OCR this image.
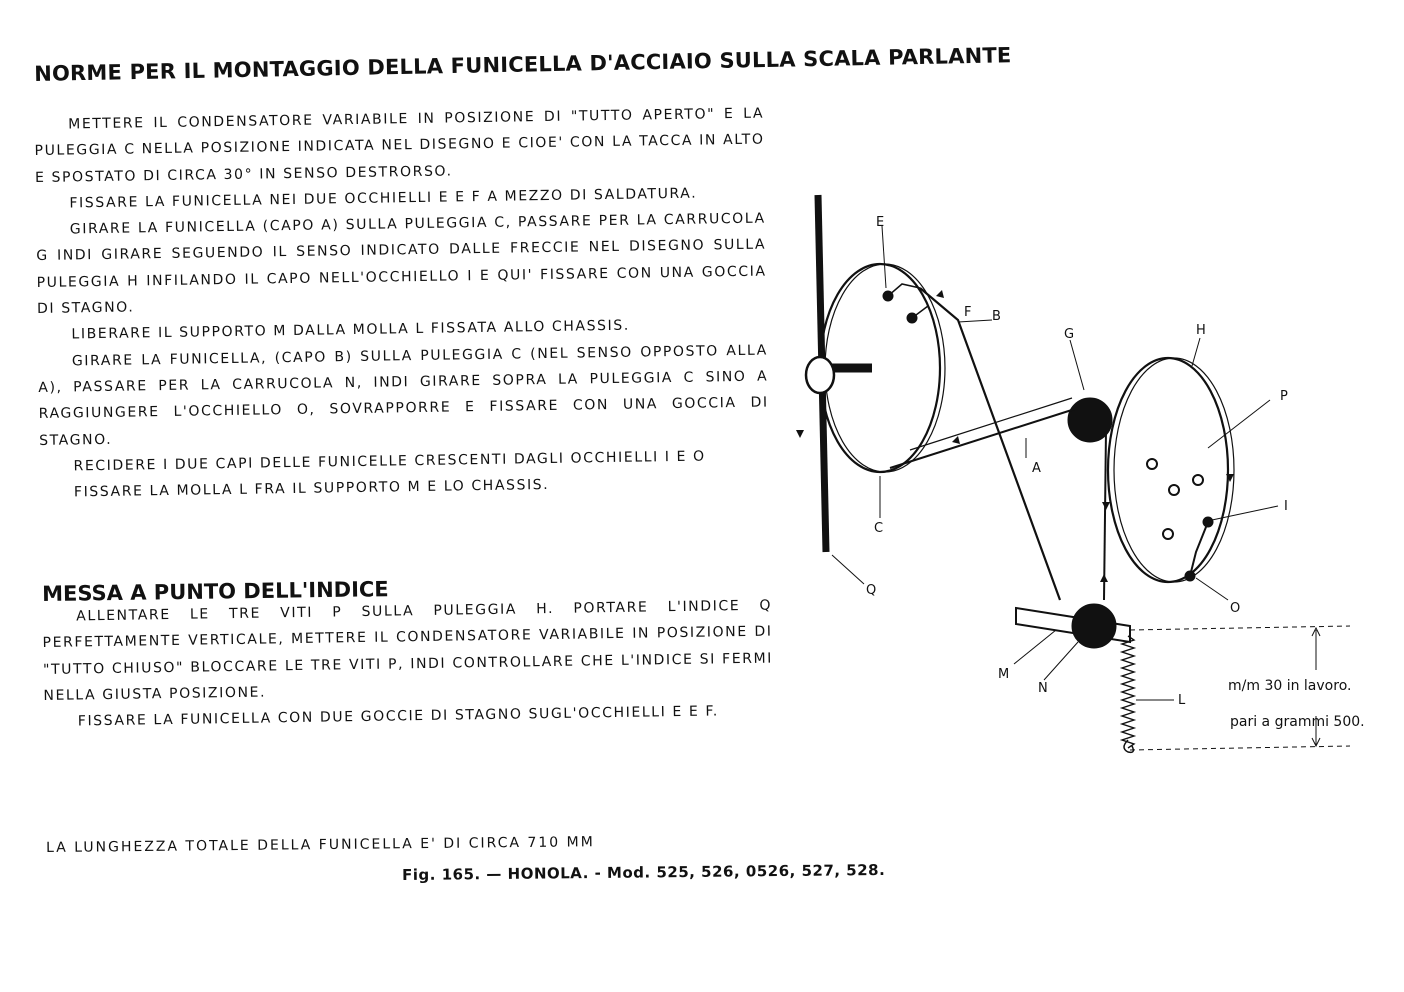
NORME PER IL MONTAGGIO DELLA FUNICELLA D'ACCIAIO SULLA SCALA PARLANTE

METTERE IL CONDENSATORE VARIABILE IN POSIZIONE DI "TUTTO APERTO" E LA PULEGGIA C NELLA POSIZIONE INDICATA NEL DISEGNO E CIOE' CON LA TACCA IN ALTO E SPOSTATO DI CIRCA 30° IN SENSO DESTRORSO.

FISSARE LA FUNICELLA NEI DUE OCCHIELLI E E F A MEZZO DI SALDATURA.

GIRARE LA FUNICELLA (CAPO A) SULLA PULEGGIA C, PASSARE PER LA CARRUCOLA G INDI GIRARE SEGUENDO IL SENSO INDICATO DALLE FRECCIE NEL DISEGNO SULLA PULEGGIA H INFILANDO IL CAPO NELL'OCCHIELLO I E QUI' FISSARE CON UNA GOCCIA DI STAGNO.

LIBERARE IL SUPPORTO M DALLA MOLLA L FISSATA ALLO CHASSIS.

GIRARE LA FUNICELLA, (CAPO B) SULLA PULEGGIA C (NEL SENSO OPPOSTO ALLA A), PASSARE PER LA CARRUCOLA N, INDI GIRARE SOPRA LA PULEGGIA C SINO A RAGGIUNGERE L'OCCHIELLO O, SOVRAPPORRE E FISSARE CON UNA GOCCIA DI STAGNO.

RECIDERE I DUE CAPI DELLE FUNICELLE CRESCENTI DAGLI OCCHIELLI I E O

FISSARE LA MOLLA L FRA IL SUPPORTO M E LO CHASSIS.

MESSA A PUNTO DELL'INDICE

ALLENTARE LE TRE VITI P SULLA PULEGGIA H. PORTARE L'INDICE Q PERFETTAMENTE VERTICALE, METTERE IL CONDENSATORE VARIABILE IN POSIZIONE DI "TUTTO CHIUSO" BLOCCARE LE TRE VITI P, INDI CONTROLLARE CHE L'INDICE SI FERMI NELLA GIUSTA POSIZIONE.

FISSARE LA FUNICELLA CON DUE GOCCIE DI STAGNO SUGL'OCCHIELLI E E F.

LA LUNGHEZZA TOTALE DELLA FUNICELLA E' DI CIRCA 710 MM
Fig. 165. — HONOLA. - Mod. 525, 526, 0526, 527, 528.
E
F B
G	H
P
I
A
C
Q
O
M
N
L
m/m 30 in lavoro.
pari a grammi 500.
